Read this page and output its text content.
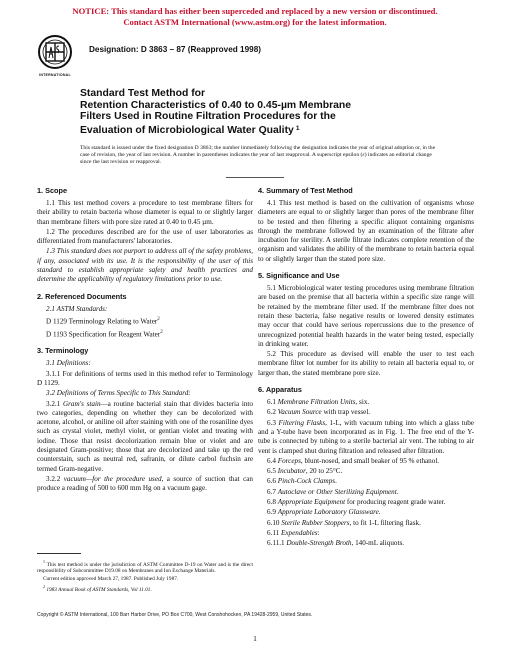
NOTICE: This standard has either been superceded and replaced by a new version or discontinued.
Contact ASTM International (www.astm.org) for the latest information.
INTERNATIONAL
Designation: D 3863 – 87 (Reapproved 1998)
Standard Test Method for
Retention Characteristics of 0.40 to 0.45-µm Membrane
Filters Used in Routine Filtration Procedures for the
Evaluation of Microbiological Water Quality $^1$
This standard is issued under the fixed designation D 3863; the number immediately following the designation indicates the year of original adoption or, in the case of revision, the year of last revision. A number in parentheses indicates the year of last reapproval. A superscript epsilon (ε) indicates an editorial change since the last revision or reapproval.
1. Scope

1.1 This test method covers a procedure to test membrane filters for their ability to retain bacteria whose diameter is equal to or slightly larger than membrane filters with pore size rated at 0.40 to 0.45 µm.

1.2 The procedures described are for the use of user laboratories as differentiated from manufacturers' laboratories.

1.3 This standard does not purport to address all of the safety problems, if any, associated with its use. It is the responsibility of the user of this standard to establish appropriate safety and health practices and determine the applicability of regulatory limitations prior to use.

2. Referenced Documents

2.1 ASTM Standards:

D 1129 Terminology Relating to Water$^2$

D 1193 Specification for Reagent Water$^2$

3. Terminology

3.1 Definitions:

3.1.1 For definitions of terms used in this method refer to Terminology D 1129.

3.2 Definitions of Terms Specific to This Standard:

3.2.1 Gram's stain—a routine bacterial stain that divides bacteria into two categories, depending on whether they can be decolorized with acetone, alcohol, or aniline oil after staining with one of the rosaniline dyes such as crystal violet, methyl violet, or gentian violet and treating with iodine. Those that resist decolorization remain blue or violet and are designated Gram-positive; those that are decolorized and take up the red counterstain, such as neutral red, safranin, or dilute carbol fuchsin are termed Gram-negative.

3.2.2 vacuum—for the procedure used, a source of suction that can produce a reading of 500 to 600 mm Hg on a vacuum gage.

$^1$ This test method is under the jurisdiction of ASTM Committee D-19 on Water and is the direct responsibility of Subcommittee D19.08 on Membranes and Ion Exchange Materials.

Current edition approved March 27, 1987. Published July 1987.

$^2$ 1983 Annual Book of ASTM Standards, Vol 11.01.

4. Summary of Test Method

4.1 This test method is based on the cultivation of organisms whose diameters are equal to or slightly larger than pores of the membrane filter to be tested and then filtering a specific aliquot containing organisms through the membrane followed by an examination of the filtrate after incubation for sterility. A sterile filtrate indicates complete retention of the organism and validates the ability of the membrane to retain bacteria equal to or slightly larger than the stated pore size.

5. Significance and Use

5.1 Microbiological water testing procedures using membrane filtration are based on the premise that all bacteria within a specific size range will be retained by the membrane filter used. If the membrane filter does not retain these bacteria, false negative results or lowered density estimates may occur that could have serious repercussions due to the presence of unrecognized potential health hazards in the water being tested, especially in drinking water.

5.2 This procedure as devised will enable the user to test each membrane filter lot number for its ability to retain all bacteria equal to, or larger than, the stated membrane pore size.

6. Apparatus

6.1 Membrane Filtration Units, six.

6.2 Vacuum Source with trap vessel.

6.3 Filtering Flasks, 1-L, with vacuum tubing into which a glass tube and a Y-tube have been incorporated as in Fig. 1. The free end of the Y-tube is connected by tubing to a sterile bacterial air vent. The tubing to air vent is clamped shut during filtration and released after filtration.

6.4 Forceps, blunt-nosed, and small beaker of 95 % ethanol.

6.5 Incubator, 20 to 25°C.

6.6 Pinch-Cock Clamps.

6.7 Autoclave or Other Sterilizing Equipment.

6.8 Appropriate Equipment for producing reagent grade water.

6.9 Appropriate Laboratory Glassware.

6.10 Sterile Rubber Stoppers, to fit 1-L filtering flask.

6.11 Expendables:

6.11.1 Double-Strength Broth, 140-mL aliquots.

Copyright © ASTM International, 100 Barr Harbor Drive, PO Box C700, West Conshohocken, PA 19428-2959, United States.
1
